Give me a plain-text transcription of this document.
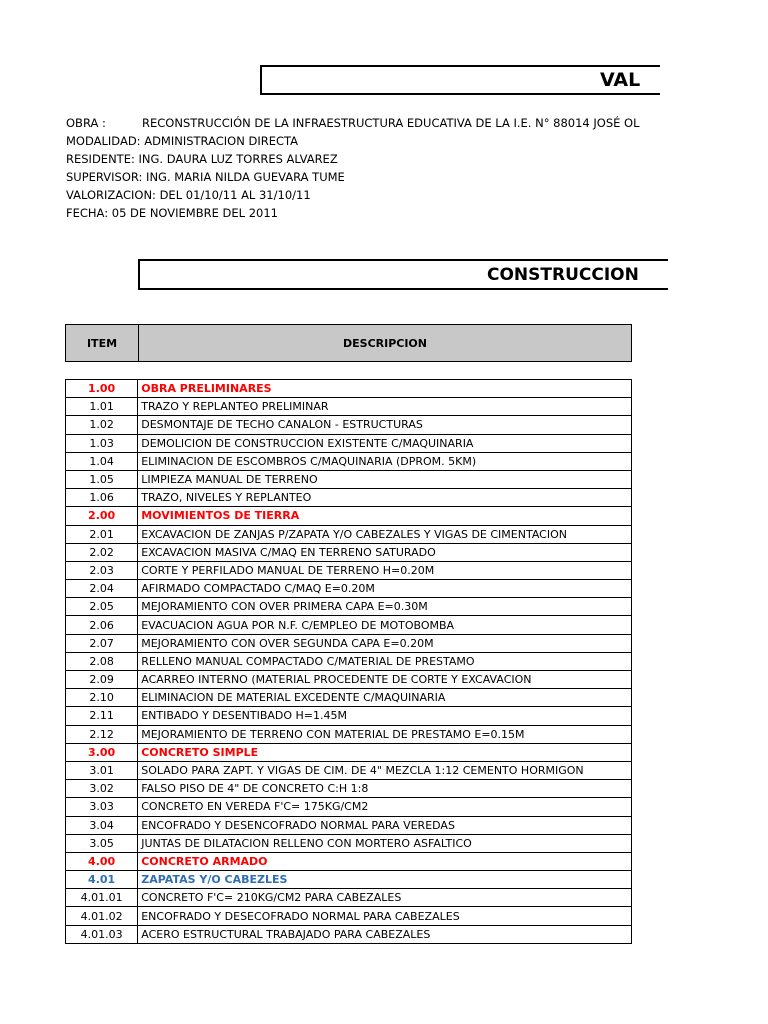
VAL
OBRA :	RECONSTRUCCIÓN DE LA INFRAESTRUCTURA EDUCATIVA DE LA I.E. N° 88014 JOSÉ OL
MODALIDAD: ADMINISTRACION DIRECTA
RESIDENTE: ING. DAURA LUZ TORRES ALVAREZ
SUPERVISOR: ING. MARIA NILDA GUEVARA TUME
VALORIZACION: DEL 01/10/11 AL 31/10/11
FECHA: 05 DE NOVIEMBRE DEL 2011
CONSTRUCCION
ITEM	DESCRIPCION
1.00	OBRA PRELIMINARES
1.01	TRAZO Y REPLANTEO PRELIMINAR
1.02	DESMONTAJE DE TECHO CANALON - ESTRUCTURAS
1.03	DEMOLICION DE CONSTRUCCION EXISTENTE C/MAQUINARIA
1.04	ELIMINACION DE ESCOMBROS C/MAQUINARIA (DPROM. 5KM)
1.05	LIMPIEZA MANUAL DE TERRENO
1.06	TRAZO, NIVELES Y REPLANTEO
2.00	MOVIMIENTOS DE TIERRA
2.01	EXCAVACION DE ZANJAS P/ZAPATA Y/O CABEZALES Y VIGAS DE CIMENTACION
2.02	EXCAVACION MASIVA C/MAQ EN TERRENO SATURADO
2.03	CORTE Y PERFILADO MANUAL DE TERRENO H=0.20M
2.04	AFIRMADO COMPACTADO C/MAQ E=0.20M
2.05	MEJORAMIENTO CON OVER PRIMERA CAPA E=0.30M
2.06	EVACUACION AGUA POR N.F. C/EMPLEO DE MOTOBOMBA
2.07	MEJORAMIENTO CON OVER SEGUNDA CAPA E=0.20M
2.08	RELLENO MANUAL COMPACTADO C/MATERIAL DE PRESTAMO
2.09	ACARREO INTERNO (MATERIAL PROCEDENTE DE CORTE Y EXCAVACION
2.10	ELIMINACION DE MATERIAL EXCEDENTE C/MAQUINARIA
2.11	ENTIBADO Y DESENTIBADO H=1.45M
2.12	MEJORAMIENTO DE TERRENO CON MATERIAL DE PRESTAMO E=0.15M
3.00	CONCRETO SIMPLE
3.01	SOLADO PARA ZAPT. Y VIGAS DE CIM. DE 4" MEZCLA 1:12 CEMENTO HORMIGON
3.02	FALSO PISO DE 4" DE CONCRETO C:H 1:8
3.03	CONCRETO EN VEREDA F'C= 175KG/CM2
3.04	ENCOFRADO Y DESENCOFRADO NORMAL PARA VEREDAS
3.05	JUNTAS DE DILATACION RELLENO CON MORTERO ASFALTICO
4.00	CONCRETO ARMADO
4.01	ZAPATAS Y/O CABEZLES
4.01.01	CONCRETO F'C= 210KG/CM2 PARA CABEZALES
4.01.02	ENCOFRADO Y DESECOFRADO NORMAL PARA CABEZALES
4.01.03	ACERO ESTRUCTURAL TRABAJADO PARA CABEZALES
